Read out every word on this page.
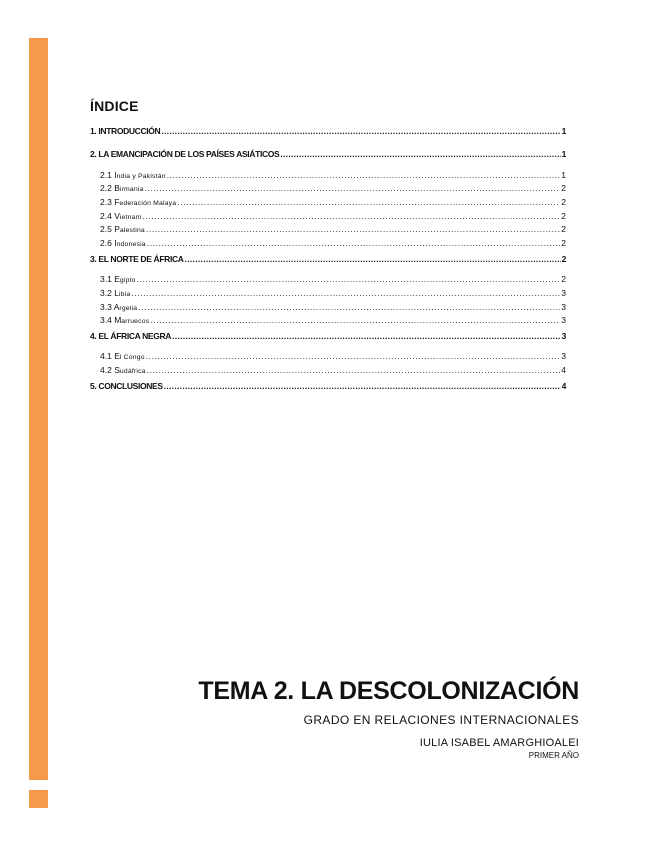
ÍNDICE
1. INTRODUCCIÓN .....	1
2. LA EMANCIPACIÓN DE LOS PAÍSES ASIÁTICOS .....	1
2.1 India y Pakistán .....	1
2.2 Birmania .....	2
2.3 Federación Malaya .....	2
2.4 Vietnam .....	2
2.5 Palestina .....	2
2.6 Indonesia .....	2
3. EL NORTE DE ÁFRICA .....	2
3.1 Egipto .....	2
3.2 Libia .....	3
3.3 Argelia .....	3
3.4 Marruecos .....	3
4. EL ÁFRICA NEGRA .....	3
4.1 El Congo .....	3
4.2 Sudáfrica .....	4
5. CONCLUSIONES .....	4
TEMA 2. LA DESCOLONIZACIÓN
GRADO EN RELACIONES INTERNACIONALES
IULIA ISABEL AMARGHIOALEI
PRIMER AÑO
